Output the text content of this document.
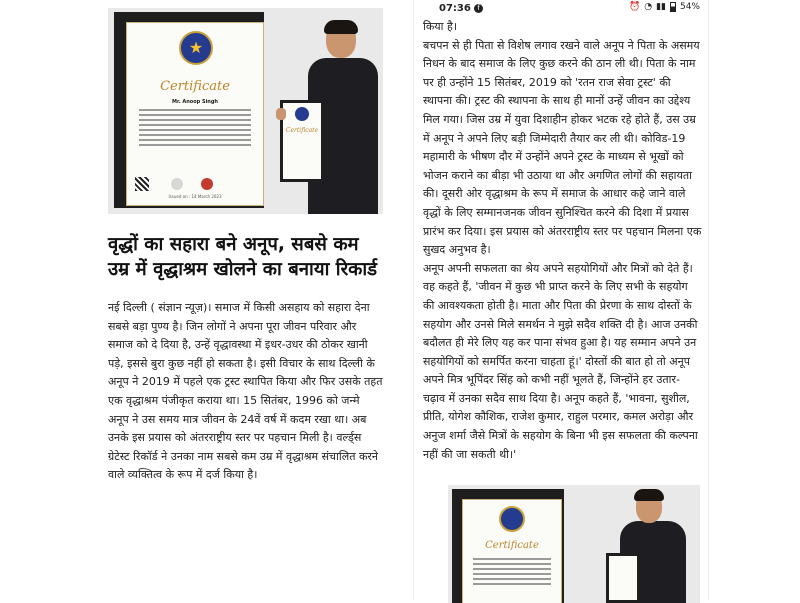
★
Certificate
Mr. Anoop Singh
Issued on : 14 March 2023
Certificate
वृद्धों का सहारा बने अनूप, सबसे कम उम्र में वृद्धाश्रम खोलने का बनाया रिकार्ड
नई दिल्ली ( संज्ञान न्यूज़)। समाज में किसी असहाय को सहारा देना सबसे बड़ा पुण्य है। जिन लोगों ने अपना पूरा जीवन परिवार और समाज को दे दिया है, उन्हें वृद्धावस्था में इधर-उधर की ठोकर खानी पड़े, इससे बुरा कुछ नहीं हो सकता है। इसी विचार के साथ दिल्ली के अनूप ने 2019 में पहले एक ट्रस्ट स्थापित किया और फिर उसके तहत एक वृद्धाश्रम पंजीकृत कराया था। 15 सितंबर, 1996 को जन्मे अनूप ने उस समय मात्र जीवन के 24वें वर्ष में कदम रखा था। अब उनके इस प्रयास को अंतरराष्ट्रीय स्तर पर पहचान मिली है। वर्ल्ड्स ग्रेटेस्ट रिकॉर्ड ने उनका नाम सबसे कम उम्र में वृद्धाश्रम संचालित करने वाले व्यक्तित्व के रूप में दर्ज किया है।
07:36 f	⏰ ◔ ▮▮ 54%

किया है।

बचपन से ही पिता से विशेष लगाव रखने वाले अनूप ने पिता के असमय निधन के बाद समाज के लिए कुछ करने की ठान ली थी। पिता के नाम पर ही उन्होंने 15 सितंबर, 2019 को 'रतन राज सेवा ट्रस्ट' की स्थापना की। ट्रस्ट की स्थापना के साथ ही मानों उन्हें जीवन का उद्देश्य मिल गया। जिस उम्र में युवा दिशाहीन होकर भटक रहे होते हैं, उस उम्र में अनूप ने अपने लिए बड़ी जिम्मेदारी तैयार कर ली थी। कोविड-19 महामारी के भीषण दौर में उन्होंने अपने ट्रस्ट के माध्यम से भूखों को भोजन कराने का बीड़ा भी उठाया था और अगणित लोगों की सहायता की। दूसरी ओर वृद्धाश्रम के रूप में समाज के आधार कहे जाने वाले वृद्धों के लिए सम्मानजनक जीवन सुनिश्चित करने की दिशा में प्रयास प्रारंभ कर दिया। इस प्रयास को अंतरराष्ट्रीय स्तर पर पहचान मिलना एक सुखद अनुभव है।

अनूप अपनी सफलता का श्रेय अपने सहयोगियों और मित्रों को देते हैं। वह कहते हैं, 'जीवन में कुछ भी प्राप्त करने के लिए सभी के सहयोग की आवश्यकता होती है। माता और पिता की प्रेरणा के साथ दोस्तों के सहयोग और उनसे मिले समर्थन ने मुझे सदैव शक्ति दी है। आज उनकी बदौलत ही मेरे लिए यह कर पाना संभव हुआ है। यह सम्मान अपने उन सहयोगियों को समर्पित करना चाहता हूं।' दोस्तों की बात हो तो अनूप अपने मित्र भूपिंदर सिंह को कभी नहीं भूलते हैं, जिन्होंने हर उतार-चढ़ाव में उनका सदैव साथ दिया है। अनूप कहते हैं, 'भावना, सुशील, प्रीति, योगेश कौशिक, राजेश कुमार, राहुल परमार, कमल अरोड़ा और अनुज शर्मा जैसे मित्रों के सहयोग के बिना भी इस सफलता की कल्पना नहीं की जा सकती थी।'

Certificate
